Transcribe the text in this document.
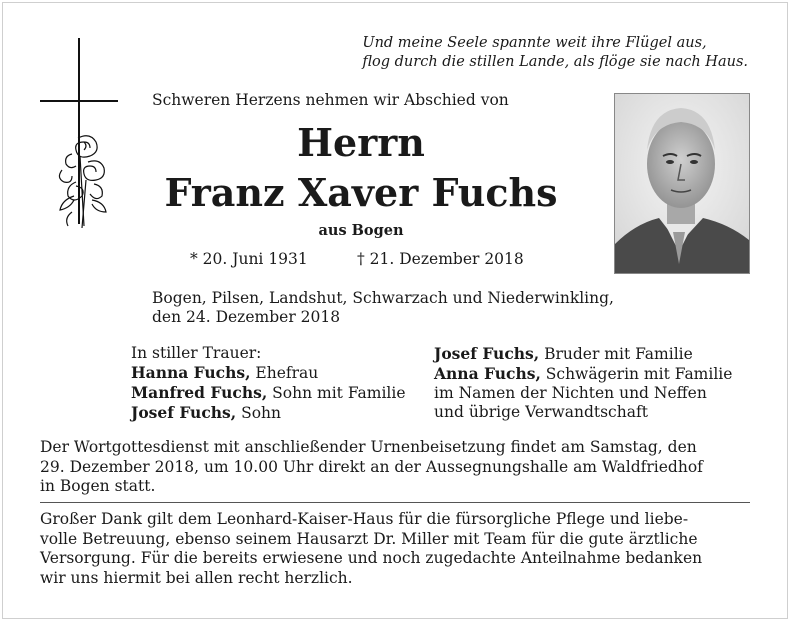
Und meine Seele spannte weit ihre Flügel aus,
flog durch die stillen Lande, als flöge sie nach Haus.
Schweren Herzens nehmen wir Abschied von
Herrn
Franz Xaver Fuchs
aus Bogen
* 20. Juni 1931	† 21. Dezember 2018
Bogen, Pilsen, Landshut, Schwarzach und Niederwinkling,
den 24. Dezember 2018
In stiller Trauer:
Hanna Fuchs, Ehefrau
Manfred Fuchs, Sohn mit Familie
Josef Fuchs, Sohn
Josef Fuchs, Bruder mit Familie
Anna Fuchs, Schwägerin mit Familie
im Namen der Nichten und Neffen
und übrige Verwandtschaft
Der Wortgottesdienst mit anschließender Urnenbeisetzung findet am Samstag, den
29. Dezember 2018, um 10.00 Uhr direkt an der Aussegnungshalle am Waldfriedhof
in Bogen statt.
Großer Dank gilt dem Leonhard-Kaiser-Haus für die fürsorgliche Pflege und liebe-
volle Betreuung, ebenso seinem Hausarzt Dr. Miller mit Team für die gute ärztliche
Versorgung. Für die bereits erwiesene und noch zugedachte Anteilnahme bedanken
wir uns hiermit bei allen recht herzlich.
